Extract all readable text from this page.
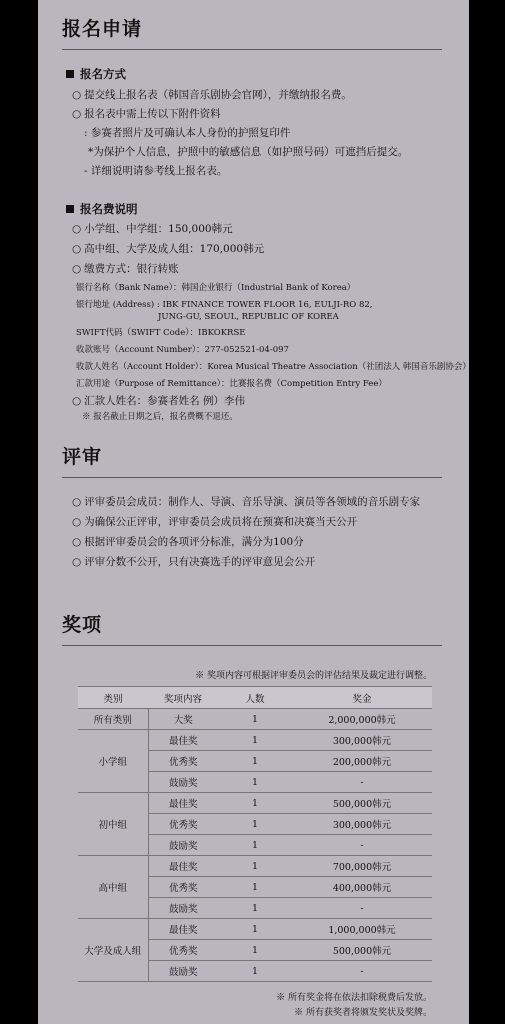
报名申请
报名方式
○ 提交线上报名表（韩国音乐剧协会官网），并缴纳报名费。
○ 报名表中需上传以下附件资料
: 参赛者照片及可确认本人身份的护照复印件
*为保护个人信息，护照中的敏感信息（如护照号码）可遮挡后提交。
- 详细说明请参考线上报名表。
报名费说明
○ 小学组、中学组：150,000韩元
○ 高中组、大学及成人组：170,000韩元
○ 缴费方式：银行转账
银行名称（Bank Name）：韩国企业银行（Industrial Bank of Korea）
银行地址 (Address) : IBK FINANCE TOWER FLOOR 16, EULJI-RO 82,
JUNG-GU, SEOUL, REPUBLIC OF KOREA
SWIFT代码（SWIFT Code）：IBKOKRSE
收款账号（Account Number）：277-052521-04-097
收款人姓名（Account Holder）：Korea Musical Theatre Association（社团法人 韩国音乐剧协会）
汇款用途（Purpose of Remittance）：比赛报名费（Competition Entry Fee）
○ 汇款人姓名：参赛者姓名 例）李伟
※ 报名截止日期之后，报名费概不退还。
评审
○ 评审委员会成员：制作人、导演、音乐导演、演员等各领域的音乐剧专家
○ 为确保公正评审，评审委员会成员将在预赛和决赛当天公开
○ 根据评审委员会的各项评分标准，满分为100分
○ 评审分数不公开，只有决赛选手的评审意见会公开
奖项
※ 奖项内容可根据评审委员会的评估结果及裁定进行调整。
类别	奖项内容	人数	奖金
所有类别	大奖	1	2,000,000韩元
小学组	最佳奖	1	300,000韩元
	优秀奖	1	200,000韩元
	鼓励奖	1	-
初中组	最佳奖	1	500,000韩元
	优秀奖	1	300,000韩元
	鼓励奖	1	-
高中组	最佳奖	1	700,000韩元
	优秀奖	1	400,000韩元
	鼓励奖	1	-
大学及成人组	最佳奖	1	1,000,000韩元
	优秀奖	1	500,000韩元
	鼓励奖	1	-
※ 所有奖金将在依法扣除税费后发放。
※ 所有获奖者将颁发奖状及奖牌。
